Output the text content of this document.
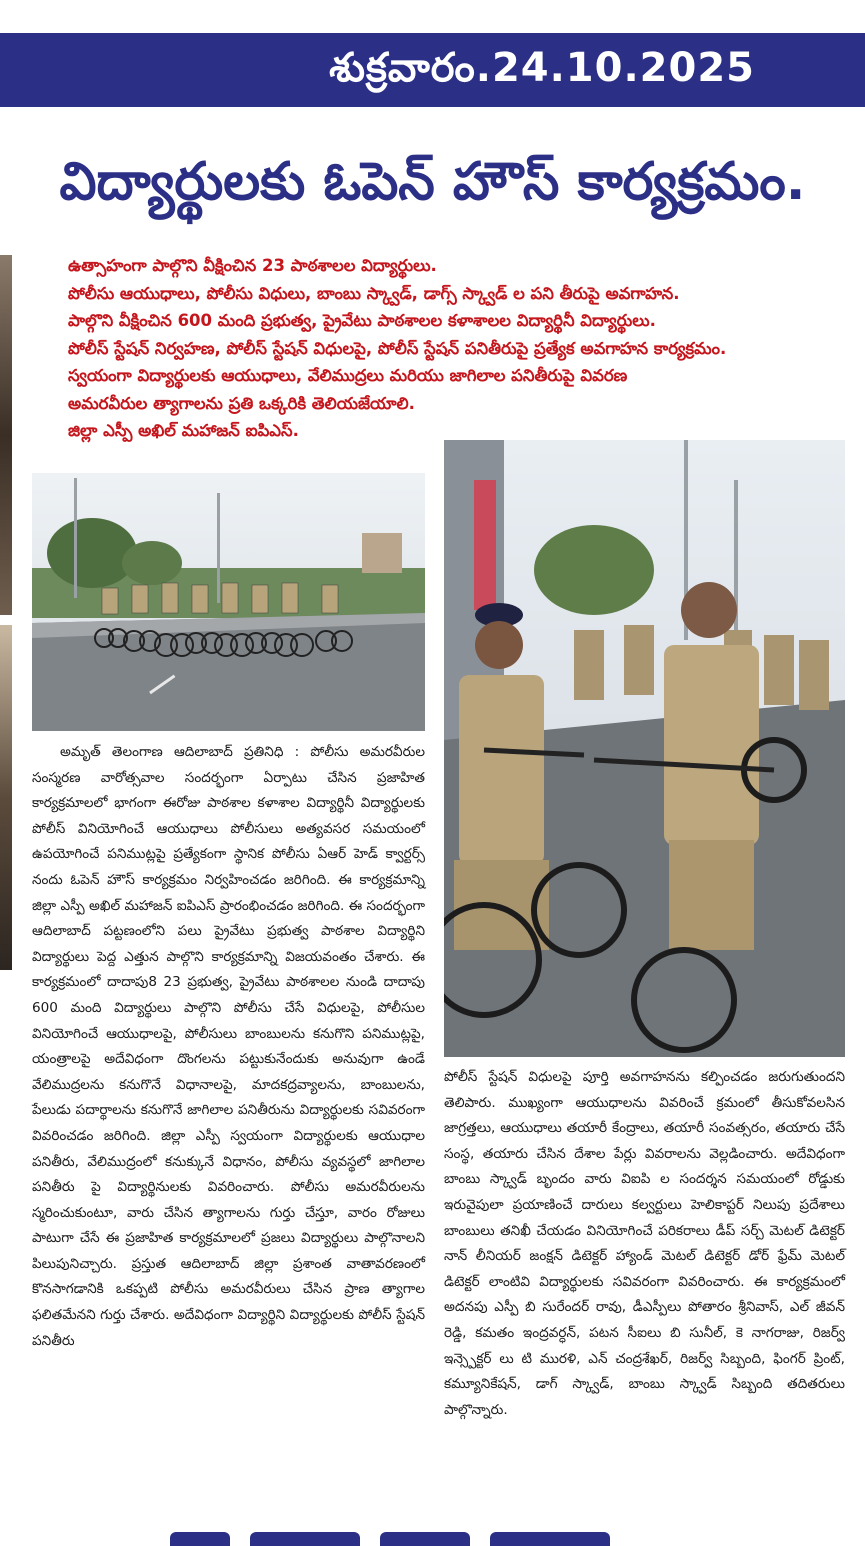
శుక్రవారం.24.10.2025
విద్యార్థులకు ఓపెన్ హౌస్ కార్యక్రమం.
ఉత్సాహంగా పాల్గొని వీక్షించిన 23 పాఠశాలల విద్యార్థులు.
పోలీసు ఆయుధాలు, పోలీసు విధులు, బాంబు స్క్వాడ్, డాగ్స్ స్క్వాడ్ ల పని తీరుపై అవగాహన.
పాల్గొని వీక్షించిన 600 మంది ప్రభుత్వ, ప్రైవేటు పాఠశాలల కళాశాలల విద్యార్థినీ విద్యార్థులు.
పోలీస్ స్టేషన్ నిర్వహణ, పోలీస్ స్టేషన్ విధులపై, పోలీస్ స్టేషన్ పనితీరుపై ప్రత్యేక అవగాహన కార్యక్రమం.
స్వయంగా విద్యార్థులకు ఆయుధాలు, వేలిముద్రలు మరియు జాగిలాల పనితీరుపై వివరణ
అమరవీరుల త్యాగాలను ప్రతి ఒక్కరికి తెలియజేయాలి.
జిల్లా ఎస్పీ అఖిల్ మహాజన్ ఐపిఎస్.
అమృత్ తెలంగాణ ఆదిలాబాద్ ప్రతినిధి : పోలీసు అమరవీరుల సంస్మరణ వారోత్సవాల సందర్భంగా ఏర్పాటు చేసిన ప్రజాహిత కార్యక్రమాలలో భాగంగా ఈరోజు పాఠశాల కళాశాల విద్యార్థినీ విద్యార్థులకు పోలీస్ వినియోగించే ఆయుధాలు పోలీసులు అత్యవసర సమయంలో ఉపయోగించే పనిముట్లపై ప్రత్యేకంగా స్థానిక పోలీసు ఏఆర్ హెడ్ క్వార్టర్స్ నందు ఓపెన్ హౌస్ కార్యక్రమం నిర్వహించడం జరిగింది. ఈ కార్యక్రమాన్ని జిల్లా ఎస్పీ అఖిల్ మహాజన్ ఐపిఎస్ ప్రారంభించడం జరిగింది. ఈ సందర్భంగా ఆదిలాబాద్ పట్టణంలోని పలు ప్రైవేటు ప్రభుత్వ పాఠశాల విద్యార్థిని విద్యార్థులు పెద్ద ఎత్తున పాల్గొని కార్యక్రమాన్ని విజయవంతం చేశారు. ఈ కార్యక్రమంలో దాదాపు8 23 ప్రభుత్వ, ప్రైవేటు పాఠశాలల నుండి దాదాపు 600 మంది విద్యార్థులు పాల్గొని పోలీసు చేసే విధులపై, పోలీసుల వినియోగించే ఆయుధాలపై, పోలీసులు బాంబులను కనుగొని పనిముట్లపై, యంత్రాలపై అదేవిధంగా దొంగలను పట్టుకునేందుకు అనువుగా ఉండే వేలిముద్రలను కనుగొనే విధానాలపై, మాదకద్రవ్యాలను, బాంబులను, పేలుడు పదార్థాలను కనుగొనే జాగిలాల పనితీరును విద్యార్థులకు సవివరంగా వివరించడం జరిగింది. జిల్లా ఎస్పీ స్వయంగా విద్యార్థులకు ఆయుధాల పనితీరు, వేలిముద్రంలో కనుక్కునే విధానం, పోలీసు వ్యవస్థలో జాగిలాల పనితీరు పై విద్యార్థినులకు వివరించారు. పోలీసు అమరవీరులను స్మరించుకుంటూ, వారు చేసిన త్యాగాలను గుర్తు చేస్తూ, వారం రోజులు పాటుగా చేసే ఈ ప్రజాహిత కార్యక్రమాలలో ప్రజలు విద్యార్థులు పాల్గొనాలని పిలుపునిచ్చారు. ప్రస్తుత ఆదిలాబాద్ జిల్లా ప్రశాంత వాతావరణంలో కొనసాగడానికి ఒకప్పటి పోలీసు అమరవీరులు చేసిన ప్రాణ త్యాగాల ఫలితమేనని గుర్తు చేశారు. అదేవిధంగా విద్యార్థిని విద్యార్థులకు పోలీస్ స్టేషన్ పనితీరు
పోలీస్ స్టేషన్ విధులపై పూర్తి అవగాహనను కల్పించడం జరుగుతుందని తెలిపారు. ముఖ్యంగా ఆయుధాలను వివరించే క్రమంలో తీసుకోవలసిన జాగ్రత్తలు, ఆయుధాలు తయారీ కేంద్రాలు, తయారీ సంవత్సరం, తయారు చేసే సంస్థ, తయారు చేసిన దేశాల పేర్లు వివరాలను వెల్లడించారు. అదేవిధంగా బాంబు స్క్వాడ్ బృందం వారు విఐపి ల సందర్శన సమయంలో రోడ్డుకు ఇరువైపులా ప్రయాణించే దారులు కల్వర్టులు హెలికాప్టర్ నిలుపు ప్రదేశాలు బాంబులు తనిఖీ చేయడం వినియోగించే పరికరాలు డీప్ సర్చ్ మెటల్ డిటెక్టర్ నాన్ లీనియర్ జంక్షన్ డిటెక్టర్ హ్యాండ్ మెటల్ డిటెక్టర్ డోర్ ఫ్రేమ్ మెటల్ డిటెక్టర్ లాంటివి విద్యార్థులకు సవివరంగా వివరించారు. ఈ కార్యక్రమంలో అదనపు ఎస్పీ బి సురేందర్ రావు, డీఎస్పీలు పోతారం శ్రీనివాస్, ఎల్ జీవన్ రెడ్డి, కమతం ఇంద్రవర్ధన్, పటన సీఐలు బి సునీల్, కె నాగరాజు, రిజర్వ్ ఇన్స్పెక్టర్ లు టి మురళి, ఎన్ చంద్రశేఖర్, రిజర్వ్ సిబ్బంది, ఫింగర్ ప్రింట్, కమ్యూనికేషన్, డాగ్ స్క్వాడ్, బాంబు స్క్వాడ్ సిబ్బంది తదితరులు పాల్గొన్నారు.
